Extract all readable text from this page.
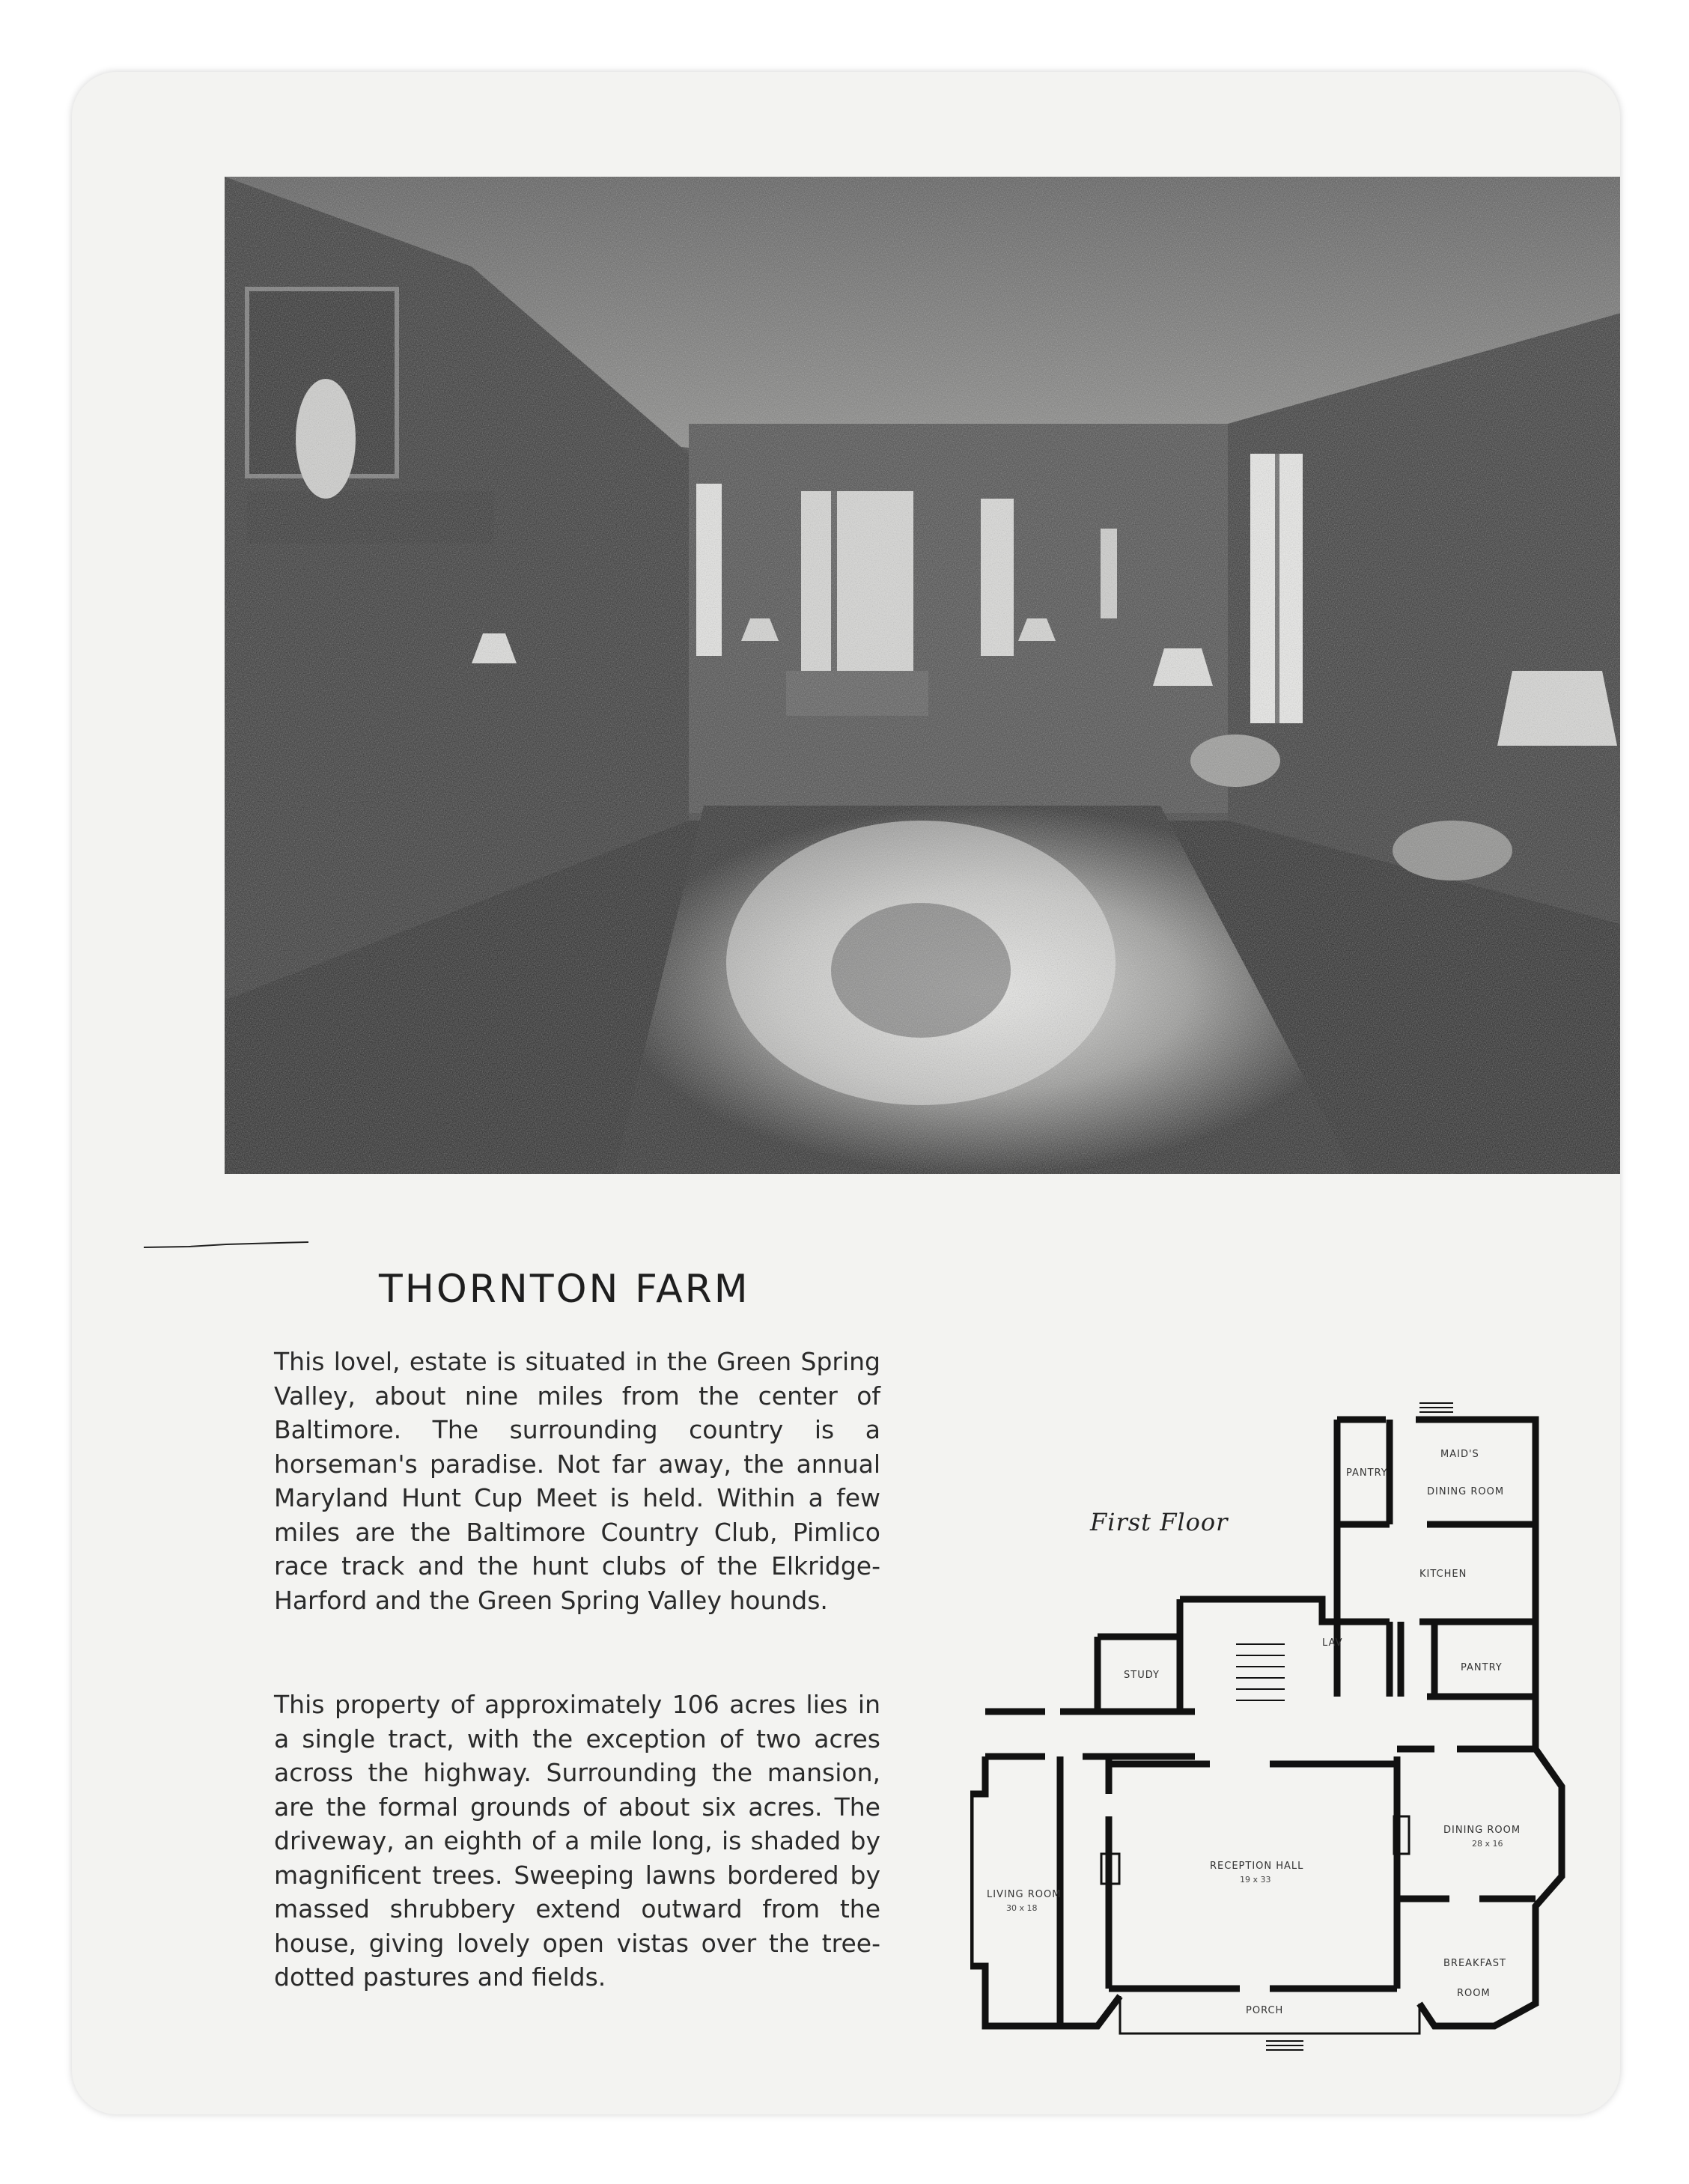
THORNTON FARM

This lovel, estate is situated in the Green Spring Valley, about nine miles from the center of Baltimore. The surrounding country is a horseman's paradise. Not far away, the annual Maryland Hunt Cup Meet is held. Within a few miles are the Baltimore Country Club, Pimlico race track and the hunt clubs of the Elkridge-Harford and the Green Spring Valley hounds.

This property of approximately 106 acres lies in a single tract, with the exception of two acres across the highway. Surrounding the mansion, are the formal grounds of about six acres. The driveway, an eighth of a mile long, is shaded by magnificent trees. Sweeping lawns bordered by massed shrubbery extend outward from the house, giving lovely open vistas over the tree-dotted pastures and fields.

First Floor

PANTRY
MAID'S
DINING ROOM
KITCHEN
PANTRY
LAV
STUDY
DINING ROOM
28 x 16
RECEPTION HALL
19 x 33
LIVING ROOM
30 x 18
BREAKFAST
ROOM
PORCH
